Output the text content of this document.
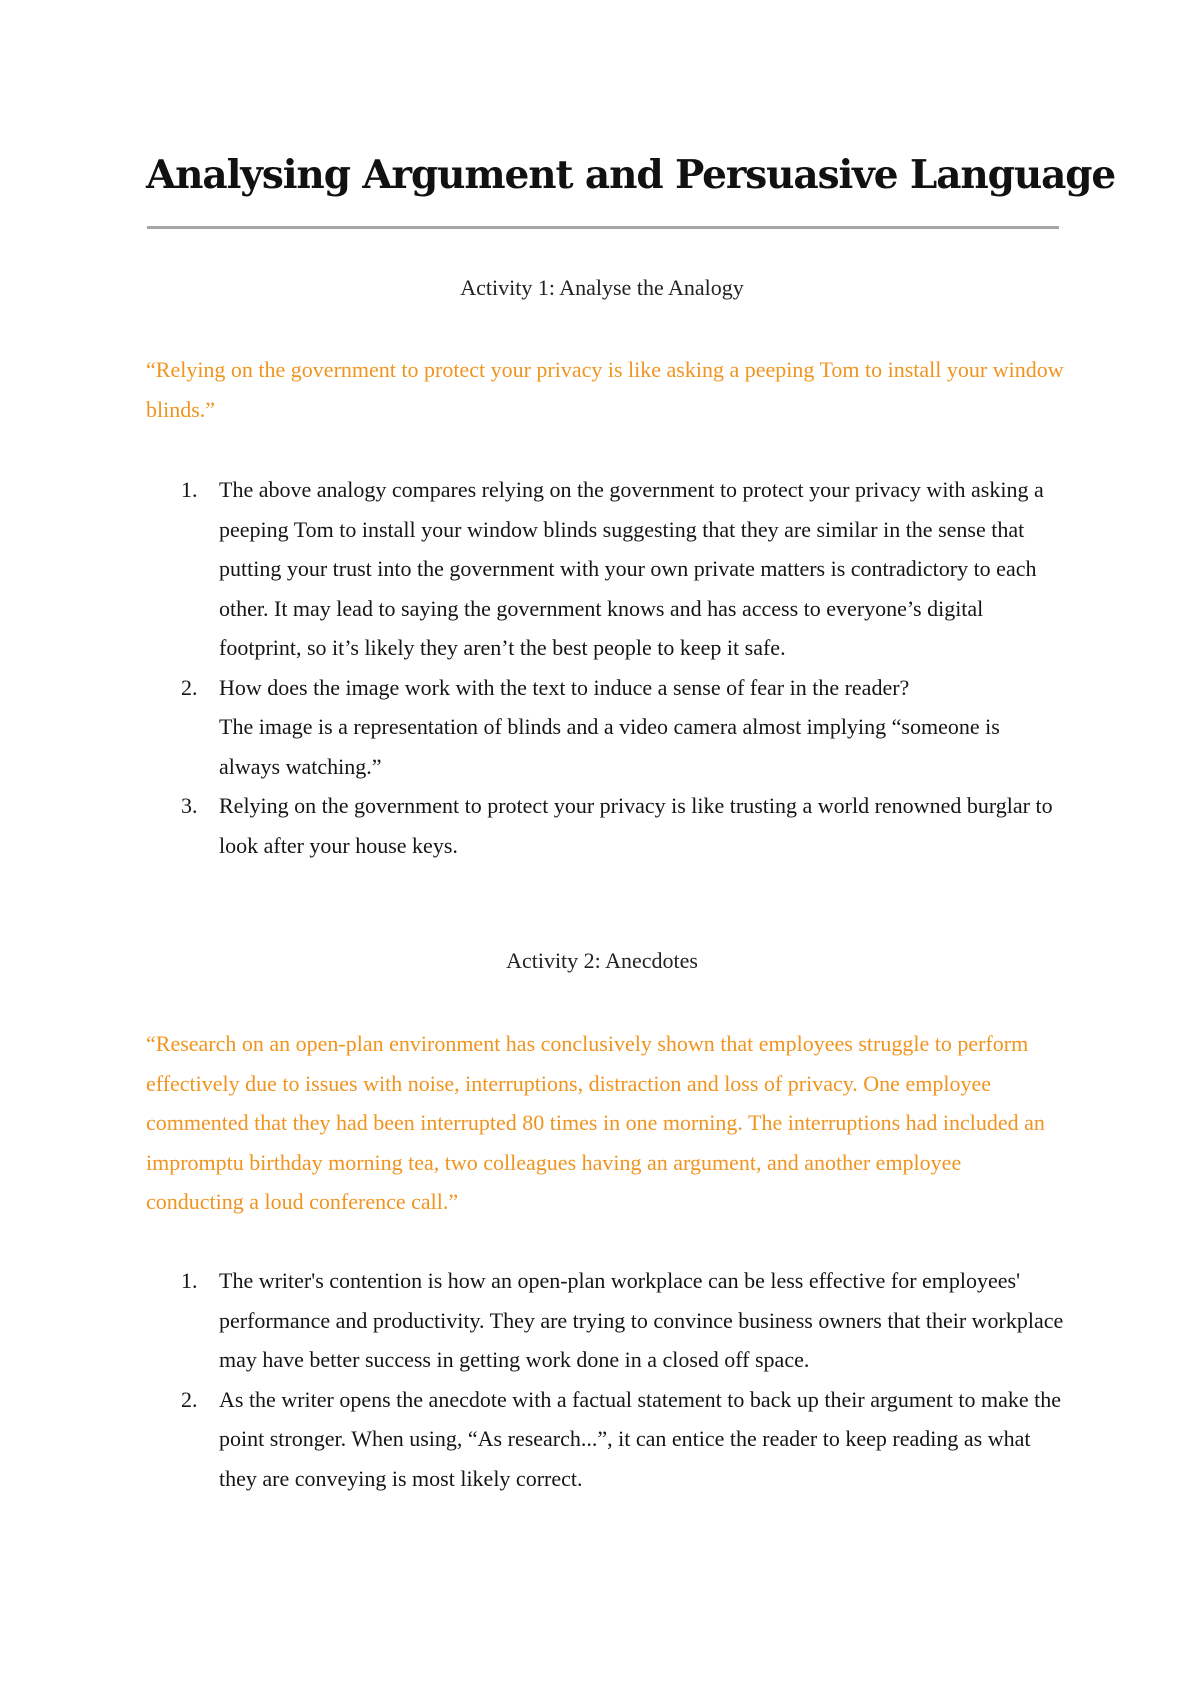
Analysing Argument and Persuasive Language
Activity 1: Analyse the Analogy

“Relying on the government to protect your privacy is like asking a peeping Tom to install your window blinds.”

1. The above analogy compares relying on the government to protect your privacy with asking a peeping Tom to install your window blinds suggesting that they are similar in the sense that putting your trust into the government with your own private matters is contradictory to each other. It may lead to saying the government knows and has access to everyone’s digital footprint, so it’s likely they aren’t the best people to keep it safe.
2. How does the image work with the text to induce a sense of fear in the reader?
The image is a representation of blinds and a video camera almost implying “someone is always watching.”
3. Relying on the government to protect your privacy is like trusting a world renowned burglar to look after your house keys.
Activity 2: Anecdotes

“Research on an open-plan environment has conclusively shown that employees struggle to perform effectively due to issues with noise, interruptions, distraction and loss of privacy. One employee commented that they had been interrupted 80 times in one morning. The interruptions had included an impromptu birthday morning tea, two colleagues having an argument, and another employee conducting a loud conference call.”

1. The writer's contention is how an open-plan workplace can be less effective for employees' performance and productivity. They are trying to convince business owners that their workplace may have better success in getting work done in a closed off space.
2. As the writer opens the anecdote with a factual statement to back up their argument to make the point stronger. When using, “As research...”, it can entice the reader to keep reading as what they are conveying is most likely correct.
